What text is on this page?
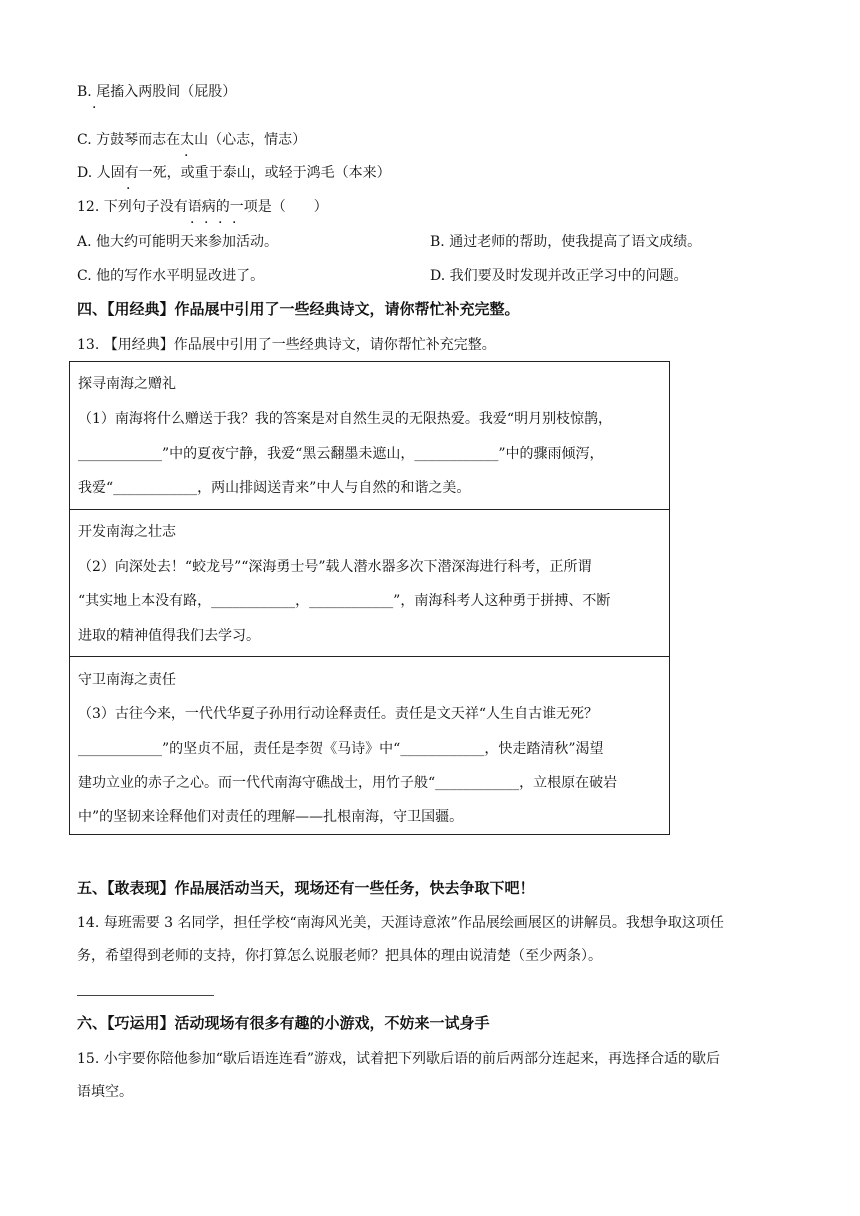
B. 尾搐入两股间（屁股）
·
C. 方鼓琴而志在太山（心志，情志）
·
D. 人固有一死，或重于泰山，或轻于鸿毛（本来）
·
12. 下列句子没有语病的一项是（　　）
· · · ·
A. 他大约可能明天来参加活动。	B. 通过老师的帮助，使我提高了语文成绩。
C. 他的写作水平明显改进了。	D. 我们要及时发现并改正学习中的问题。
四、【用经典】作品展中引用了一些经典诗文，请你帮忙补充完整。
13. 【用经典】作品展中引用了一些经典诗文，请你帮忙补充完整。
探寻南海之赠礼
（1）南海将什么赠送于我？我的答案是对自然生灵的无限热爱。我爱“明月别枝惊鹊，
____________”中的夏夜宁静，我爱“黑云翻墨未遮山，____________”中的骤雨倾泻，
我爱“____________，两山排闼送青来”中人与自然的和谐之美。
开发南海之壮志
（2）向深处去！“蛟龙号”“深海勇士号”载人潜水器多次下潜深海进行科考，正所谓
“其实地上本没有路，____________，____________”，南海科考人这种勇于拼搏、不断
进取的精神值得我们去学习。
守卫南海之责任
（3）古往今来，一代代华夏子孙用行动诠释责任。责任是文天祥“人生自古谁无死？
____________”的坚贞不屈，责任是李贺《马诗》中“____________，快走踏清秋”渴望
建功立业的赤子之心。而一代代南海守礁战士，用竹子般“____________，立根原在破岩
中”的坚韧来诠释他们对责任的理解——扎根南海，守卫国疆。
五、【敢表现】作品展活动当天，现场还有一些任务，快去争取下吧！
14. 每班需要 3 名同学，担任学校“南海风光美，天涯诗意浓”作品展绘画展区的讲解员。我想争取这项任
务，希望得到老师的支持，你打算怎么说服老师？把具体的理由说清楚（至少两条）。
六、【巧运用】活动现场有很多有趣的小游戏，不妨来一试身手
15. 小宇要你陪他参加“歇后语连连看”游戏，试着把下列歇后语的前后两部分连起来，再选择合适的歇后
语填空。
